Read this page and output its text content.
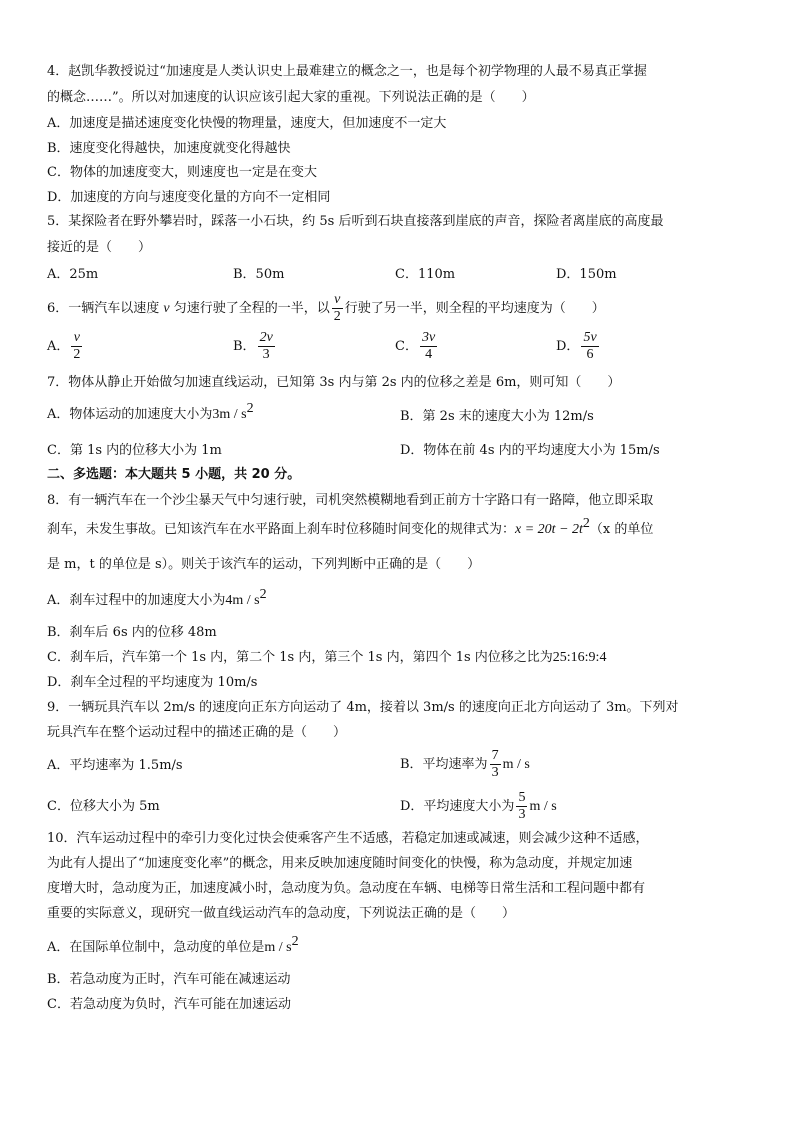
4．赵凯华教授说过“加速度是人类认识史上最难建立的概念之一，也是每个初学物理的人最不易真正掌握
的概念……”。所以对加速度的认识应该引起大家的重视。下列说法正确的是（　　）
A．加速度是描述速度变化快慢的物理量，速度大，但加速度不一定大
B．速度变化得越快，加速度就变化得越快
C．物体的加速度变大，则速度也一定是在变大
D．加速度的方向与速度变化量的方向不一定相同
5．某探险者在野外攀岩时，踩落一小石块，约 5s 后听到石块直接落到崖底的声音，探险者离崖底的高度最
接近的是（　　）
A．25m	B．50m	C．110m	D．150m
6．一辆汽车以速度 v 匀速行驶了全程的一半，以 $\frac{v}{2}$ 行驶了另一半，则全程的平均速度为（　　）
A． $\frac{v}{2}$	B． $\frac{2v}{3}$	C． $\frac{3v}{4}$	D． $\frac{5v}{6}$
7．物体从静止开始做匀加速直线运动，已知第 3s 内与第 2s 内的位移之差是 6m，则可知（　　）
A．物体运动的加速度大小为$3m / s^2$
B．第 2s 末的速度大小为 12m/s
C．第 1s 内的位移大小为 1m	D．物体在前 4s 内的平均速度大小为 15m/s
二、多选题：本大题共 5 小题，共 20 分。
8．有一辆汽车在一个沙尘暴天气中匀速行驶，司机突然模糊地看到正前方十字路口有一路障，他立即采取
刹车，未发生事故。已知该汽车在水平路面上刹车时位移随时间变化的规律式为：$x = 20t - 2t^2(x$ 的单位
是 m，t 的单位是 s）。则关于该汽车的运动，下列判断中正确的是（　　）
A．刹车过程中的加速度大小为$4m / s^2$
B．刹车后 6s 内的位移 48m
C．刹车后，汽车第一个 1s 内，第二个 1s 内，第三个 1s 内，第四个 1s 内位移之比为25:16:9:4
D．刹车全过程的平均速度为 10m/s
9．一辆玩具汽车以 2m/s 的速度向正东方向运动了 4m，接着以 3m/s 的速度向正北方向运动了 3m。下列对
玩具汽车在整个运动过程中的描述正确的是（　　）
A．平均速率为 1.5m/s	B．平均速率为 $\frac{7}{3}$ m / s
C．位移大小为 5m	D．平均速度大小为 $\frac{5}{3}$ m / s
10．汽车运动过程中的牵引力变化过快会使乘客产生不适感，若稳定加速或减速，则会减少这种不适感，
为此有人提出了“加速度变化率”的概念，用来反映加速度随时间变化的快慢，称为急动度，并规定加速
度增大时，急动度为正，加速度减小时，急动度为负。急动度在车辆、电梯等日常生活和工程问题中都有
重要的实际意义，现研究一做直线运动汽车的急动度，下列说法正确的是（　　）
A．在国际单位制中，急动度的单位是m / $s^2$
B．若急动度为正时，汽车可能在减速运动
C．若急动度为负时，汽车可能在加速运动
